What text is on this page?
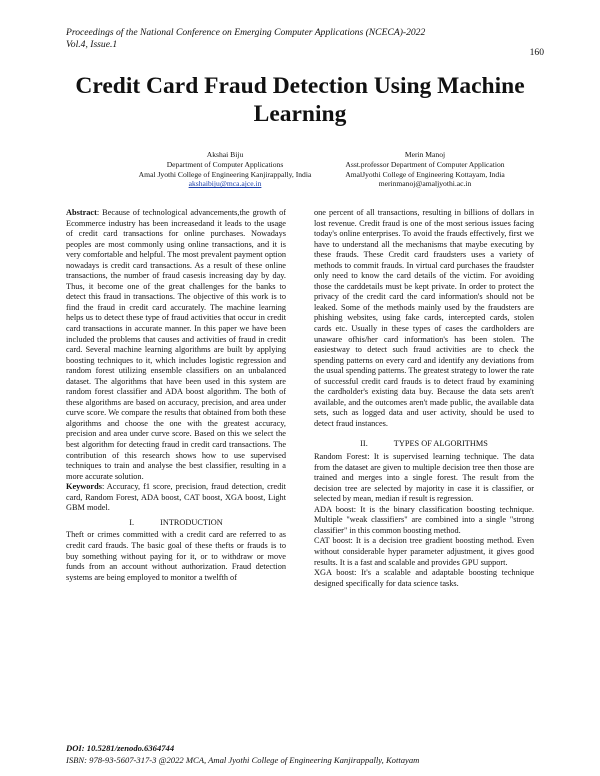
Proceedings of the National Conference on Emerging Computer Applications (NCECA)-2022
Vol.4, Issue.1
160
Credit Card Fraud Detection Using Machine Learning
Akshai Biju
Department of Computer Applications
Amal Jyothi College of Engineering Kanjirappally, India
akshaibiju@mca.ajce.in
Merin Manoj
Asst.professor Department of Computer Application
AmalJyothi College of Engineering Kottayam, India
merinmanoj@amaljyothi.ac.in

Abstract: Because of technological advancements,the growth of Ecommerce industry has been increasedand it leads to the usage of credit card transactions for online purchases. Nowadays peoples are most commonly using online transactions, and it is very comfortable and helpful. The most prevalent payment option nowadays is credit card transactions. As a result of these online transactions, the number of fraud casesis increasing day by day. Thus, it become one of the great challenges for the banks to detect this fraud in transactions. The objective of this work is to find the fraud in credit card accurately. The machine learning helps us to detect these type of fraud activities that occur in credit card transactions in accurate manner. In this paper we have been included the problems that causes and activities of fraud in credit card. Several machine learning algorithms are built by applying boosting techniques to it, which includes logistic regression and random forest utilizing ensemble classifiers on an unbalanced dataset. The algorithms that have been used in this system are random forest classifier and ADA boost algorithm. The both of these algorithms are based on accuracy, precision, and area under curve score. We compare the results that obtained from both these algorithms and choose the one with the greatest accuracy, precision and area under curve score. Based on this we select the best algorithm for detecting fraud in credit card transactions. The contribution of this research shows how to use supervised techniques to train and analyse the best classifier, resulting in a more accurate solution.

Keywords: Accuracy, f1 score, precision, fraud detection, credit card, Random Forest, ADA boost, CAT boost, XGA boost, Light GBM model.

I.	INTRODUCTION

Theft or crimes committed with a credit card are referred to as credit card frauds. The basic goal of these thefts or frauds is to buy something without paying for it, or to withdraw or move funds from an account without authorization. Fraud detection systems are being employed to monitor a twelfth of

one percent of all transactions, resulting in billions of dollars in lost revenue. Credit fraud is one of the most serious issues facing today's online enterprises. To avoid the frauds effectively, first we have to understand all the mechanisms that maybe executing by these frauds. These Credit card fraudsters uses a variety of methods to commit frauds. In virtual card purchases the fraudster only need to know the card details of the victim. For avoiding those the carddetails must be kept private. In order to protect the privacy of the credit card the card information's should not be leaked. Some of the methods mainly used by the fraudsters are phishing websites, using fake cards, intercepted cards, stolen cards etc. Usually in these types of cases the cardholders are unaware ofhis/her card information's has been stolen. The easiestway to detect such fraud activities are to check the spending patterns on every card and identify any deviations from the usual spending patterns. The greatest strategy to lower the rate of successful credit card frauds is to detect fraud by examining the cardholder's existing data buy. Because the data sets aren't available, and the outcomes aren't made public, the available data sets, such as logged data and user activity, should be used to detect fraud instances.

II.	TYPES OF ALGORITHMS

Random Forest: It is supervised learning technique. The data from the dataset are given to multiple decision tree then those are trained and merges into a single forest. The result from the decision tree are selected by majority in case it is classifier, or selected by mean, median if result is regression.

ADA boost: It is the binary classification boosting technique. Multiple "weak classifiers" are combined into a single "strong classifier" in this common boosting method.

CAT boost: It is a decision tree gradient boosting method. Even without considerable hyper parameter adjustment, it gives good results. It is a fast and scalable and provides GPU support.

XGA boost: It's a scalable and adaptable boosting technique designed specifically for data science tasks.

DOI: 10.5281/zenodo.6364744
ISBN: 978-93-5607-317-3 @2022 MCA, Amal Jyothi College of Engineering Kanjirappally, Kottayam
